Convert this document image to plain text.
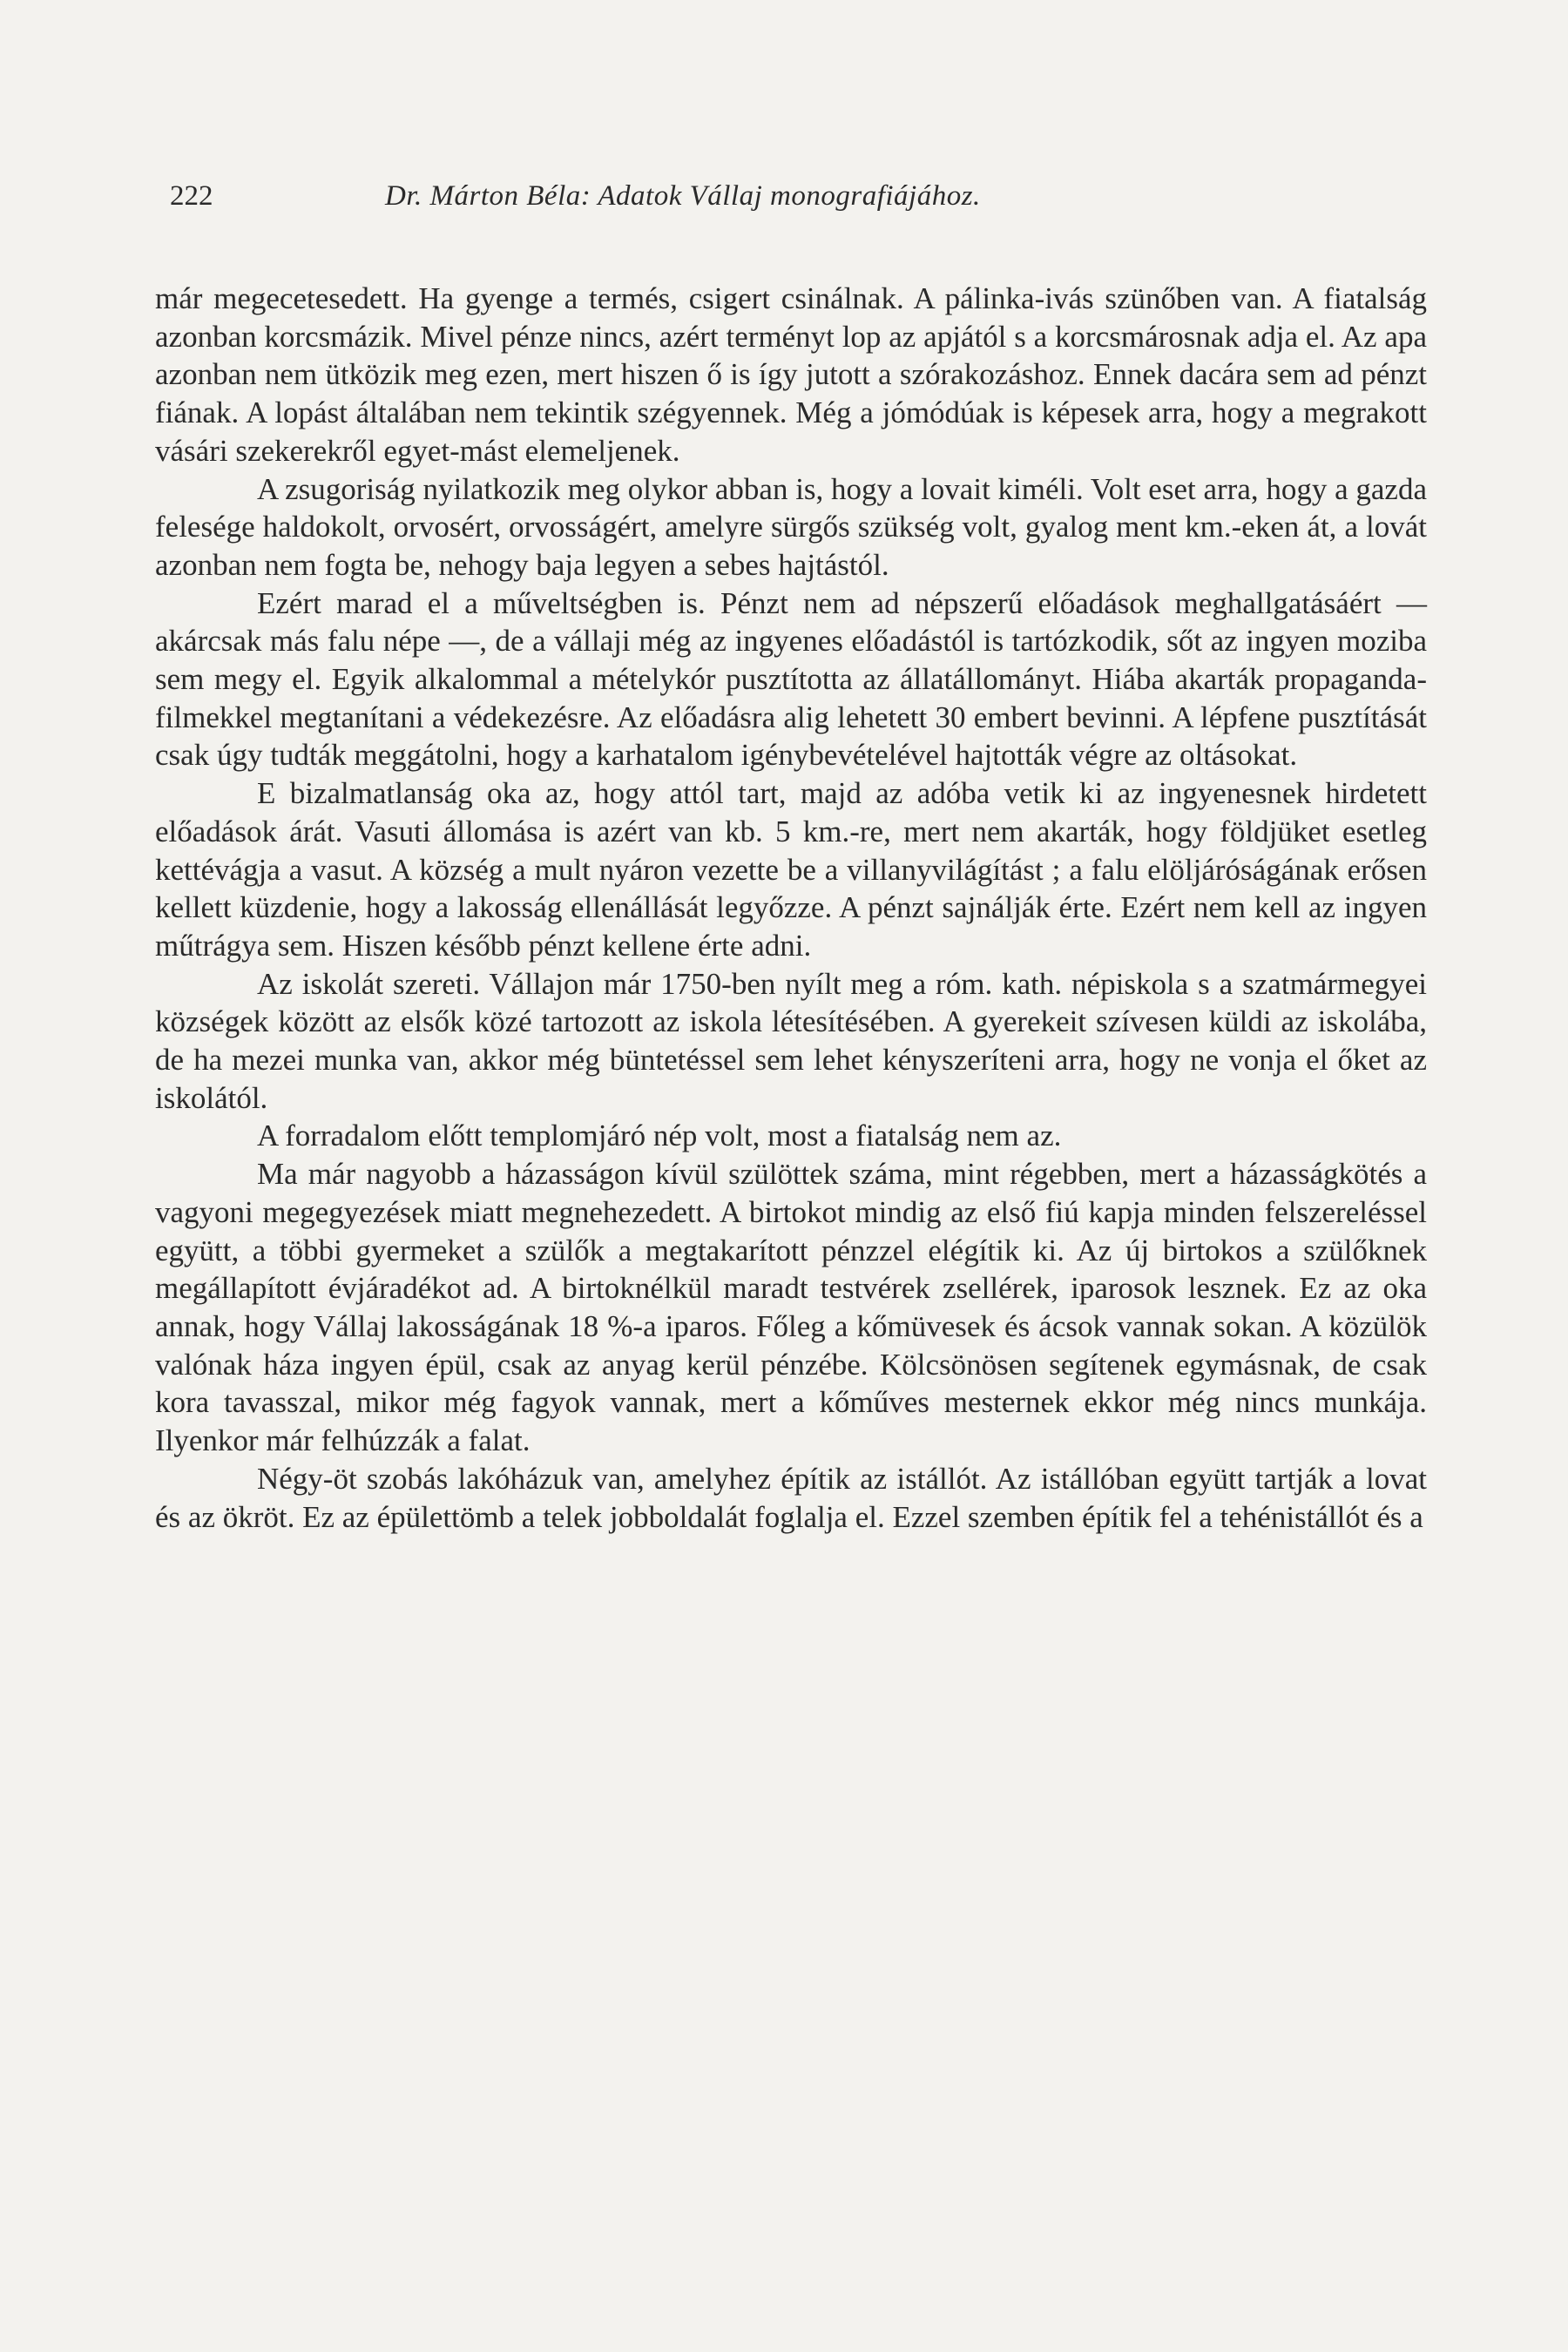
222	Dr. Márton Béla: Adatok Vállaj monografiájához.

már megecetesedett. Ha gyenge a termés, csigert csinálnak. A pálinka-ivás szünőben van. A fiatalság azonban korcsmázik. Mivel pénze nincs, azért terményt lop az apjától s a korcsmárosnak adja el. Az apa azonban nem ütközik meg ezen, mert hiszen ő is így jutott a szórakozáshoz. Ennek dacára sem ad pénzt fiának. A lopást általában nem tekintik szégyennek. Még a jómódúak is képesek arra, hogy a megrakott vásári szekerekről egyet-mást elemeljenek.

A zsugoriság nyilatkozik meg olykor abban is, hogy a lovait kiméli. Volt eset arra, hogy a gazda felesége haldokolt, orvosért, orvosságért, amelyre sürgős szükség volt, gyalog ment km.-eken át, a lovát azonban nem fogta be, nehogy baja legyen a sebes hajtástól.

Ezért marad el a műveltségben is. Pénzt nem ad népszerű előadások meghallgatásáért — akárcsak más falu népe —, de a vállaji még az ingyenes előadástól is tartózkodik, sőt az ingyen moziba sem megy el. Egyik alkalommal a mételykór pusztította az állatállományt. Hiába akarták propaganda-filmekkel megtanítani a védekezésre. Az előadásra alig lehetett 30 embert bevinni. A lépfene pusztítását csak úgy tudták meggátolni, hogy a karhatalom igénybevételével hajtották végre az oltásokat.

E bizalmatlanság oka az, hogy attól tart, majd az adóba vetik ki az ingyenesnek hirdetett előadások árát. Vasuti állomása is azért van kb. 5 km.-re, mert nem akarták, hogy földjüket esetleg kettévágja a vasut. A község a mult nyáron vezette be a villanyvilágítást ; a falu elöljáróságának erősen kellett küzdenie, hogy a lakosság ellenállását legyőzze. A pénzt sajnálják érte. Ezért nem kell az ingyen műtrágya sem. Hiszen később pénzt kellene érte adni.

Az iskolát szereti. Vállajon már 1750-ben nyílt meg a róm. kath. népiskola s a szatmármegyei községek között az elsők közé tartozott az iskola létesítésében. A gyerekeit szívesen küldi az iskolába, de ha mezei munka van, akkor még büntetéssel sem lehet kényszeríteni arra, hogy ne vonja el őket az iskolától.

A forradalom előtt templomjáró nép volt, most a fiatalság nem az.

Ma már nagyobb a házasságon kívül szülöttek száma, mint régebben, mert a házasságkötés a vagyoni megegyezések miatt megnehezedett. A birtokot mindig az első fiú kapja minden felszereléssel együtt, a többi gyermeket a szülők a megtakarított pénzzel elégítik ki. Az új birtokos a szülőknek megállapított évjáradékot ad. A birtoknélkül maradt testvérek zsellérek, iparosok lesznek. Ez az oka annak, hogy Vállaj lakosságának 18 %-a iparos. Főleg a kőmüvesek és ácsok vannak sokan. A közülök valónak háza ingyen épül, csak az anyag kerül pénzébe. Kölcsönösen segítenek egymásnak, de csak kora tavasszal, mikor még fagyok vannak, mert a kőműves mesternek ekkor még nincs munkája. Ilyenkor már felhúzzák a falat.

Négy-öt szobás lakóházuk van, amelyhez építik az istállót. Az istállóban együtt tartják a lovat és az ökröt. Ez az épülettömb a telek jobboldalát foglalja el. Ezzel szemben építik fel a tehénistállót és a
